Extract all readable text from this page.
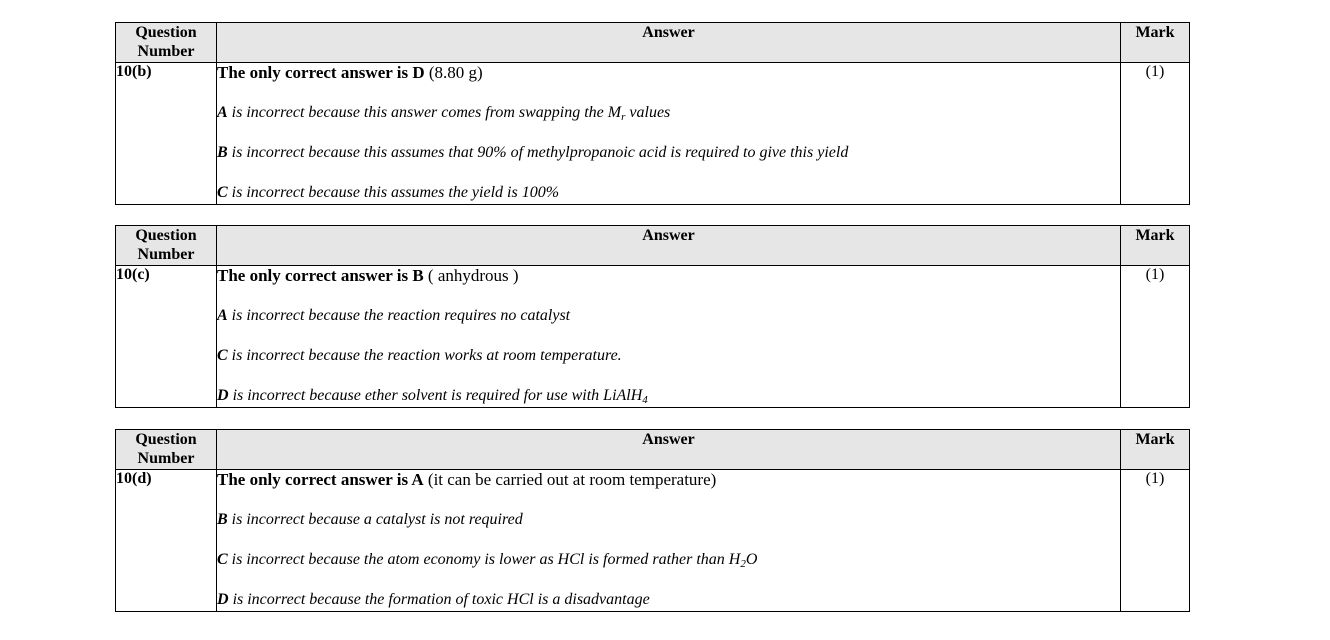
Question Number	Answer	Mark
10(b)	The only correct answer is D (8.80 g)

A is incorrect because this answer comes from swapping the $M_r$ values

B is incorrect because this assumes that 90% of methylpropanoic acid is required to give this yield

C is incorrect because this assumes the yield is 100%	(1)
Question Number	Answer	Mark
10(c)	The only correct answer is B ( anhydrous )

A is incorrect because the reaction requires no catalyst

C is incorrect because the reaction works at room temperature.

D is incorrect because ether solvent is required for use with LiAlH$_4$	(1)
Question Number	Answer	Mark
10(d)	The only correct answer is A (it can be carried out at room temperature)

B is incorrect because a catalyst is not required

C is incorrect because the atom economy is lower as HCl is formed rather than $H_2O$

D is incorrect because the formation of toxic HCl is a disadvantage	(1)
